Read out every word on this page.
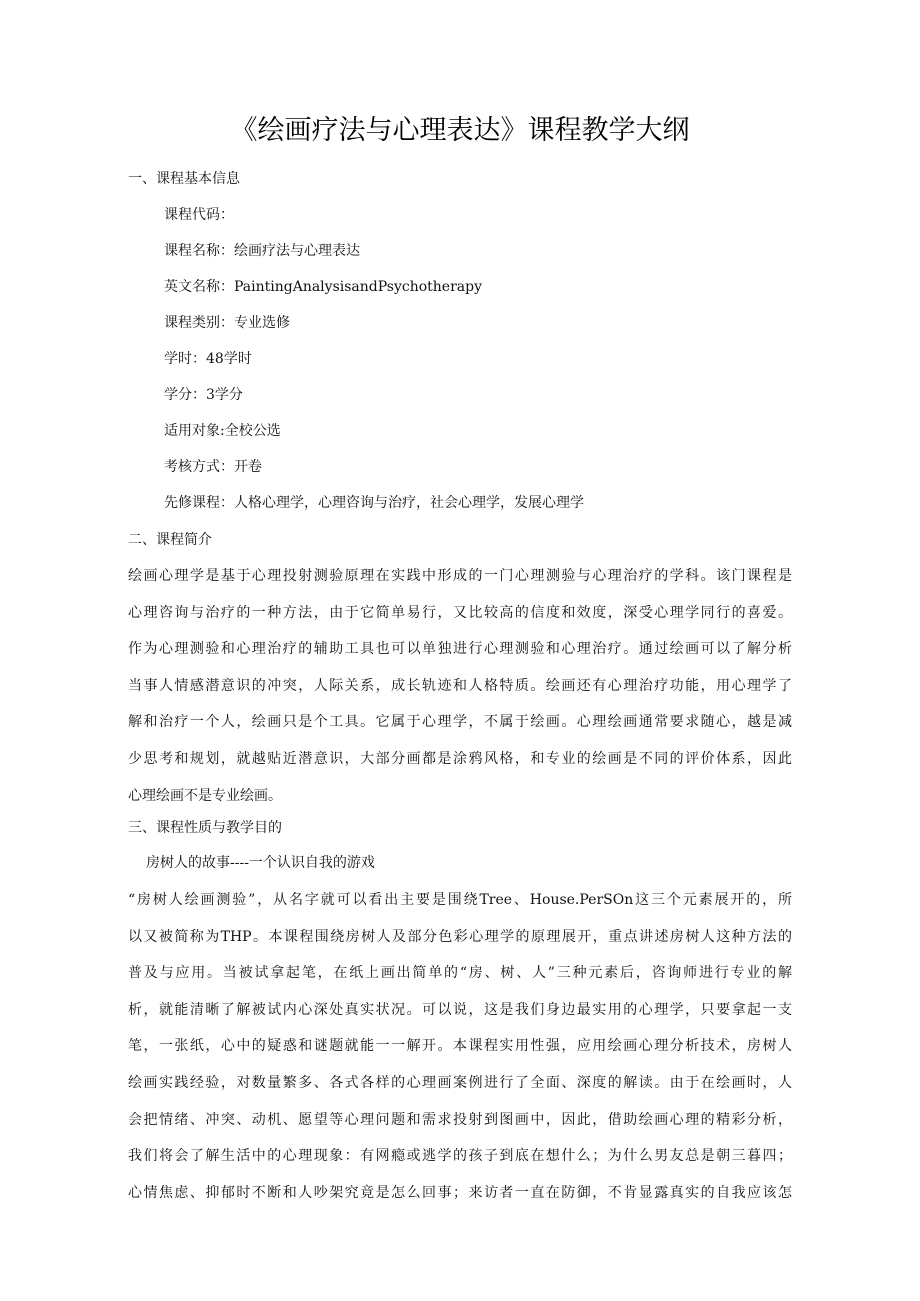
《绘画疗法与心理表达》课程教学大纲
一、课程基本信息
课程代码：
课程名称：绘画疗法与心理表达
英文名称：PaintingAnalysisandPsychotherapy
课程类别：专业选修
学时：48学时
学分：3学分
适用对象:全校公选
考核方式：开卷
先修课程：人格心理学，心理咨询与治疗，社会心理学，发展心理学
二、课程简介
绘画心理学是基于心理投射测验原理在实践中形成的一门心理测验与心理治疗的学科。该门课程是
心理咨询与治疗的一种方法，由于它简单易行，又比较高的信度和效度，深受心理学同行的喜爱。
作为心理测验和心理治疗的辅助工具也可以单独进行心理测验和心理治疗。通过绘画可以了解分析
当事人情感潜意识的冲突，人际关系，成长轨迹和人格特质。绘画还有心理治疗功能，用心理学了
解和治疗一个人，绘画只是个工具。它属于心理学，不属于绘画。心理绘画通常要求随心，越是减
少思考和规划，就越贴近潜意识，大部分画都是涂鸦风格，和专业的绘画是不同的评价体系，因此
心理绘画不是专业绘画。
三、课程性质与教学目的
房树人的故事----一个认识自我的游戏
“房树人绘画测验”，从名字就可以看出主要是围绕Tree、House.PerSOn这三个元素展开的，所
以又被简称为THP。本课程围绕房树人及部分色彩心理学的原理展开，重点讲述房树人这种方法的
普及与应用。当被试拿起笔，在纸上画出简单的“房、树、人”三种元素后，咨询师进行专业的解
析，就能清晰了解被试内心深处真实状况。可以说，这是我们身边最实用的心理学，只要拿起一支
笔，一张纸，心中的疑惑和谜题就能一一解开。本课程实用性强，应用绘画心理分析技术，房树人
绘画实践经验，对数量繁多、各式各样的心理画案例进行了全面、深度的解读。由于在绘画时，人
会把情绪、冲突、动机、愿望等心理问题和需求投射到图画中，因此，借助绘画心理的精彩分析，
我们将会了解生活中的心理现象：有网瘾或逃学的孩子到底在想什么；为什么男友总是朝三暮四；
心情焦虑、抑郁时不断和人吵架究竟是怎么回事；来访者一直在防御，不肯显露真实的自我应该怎
